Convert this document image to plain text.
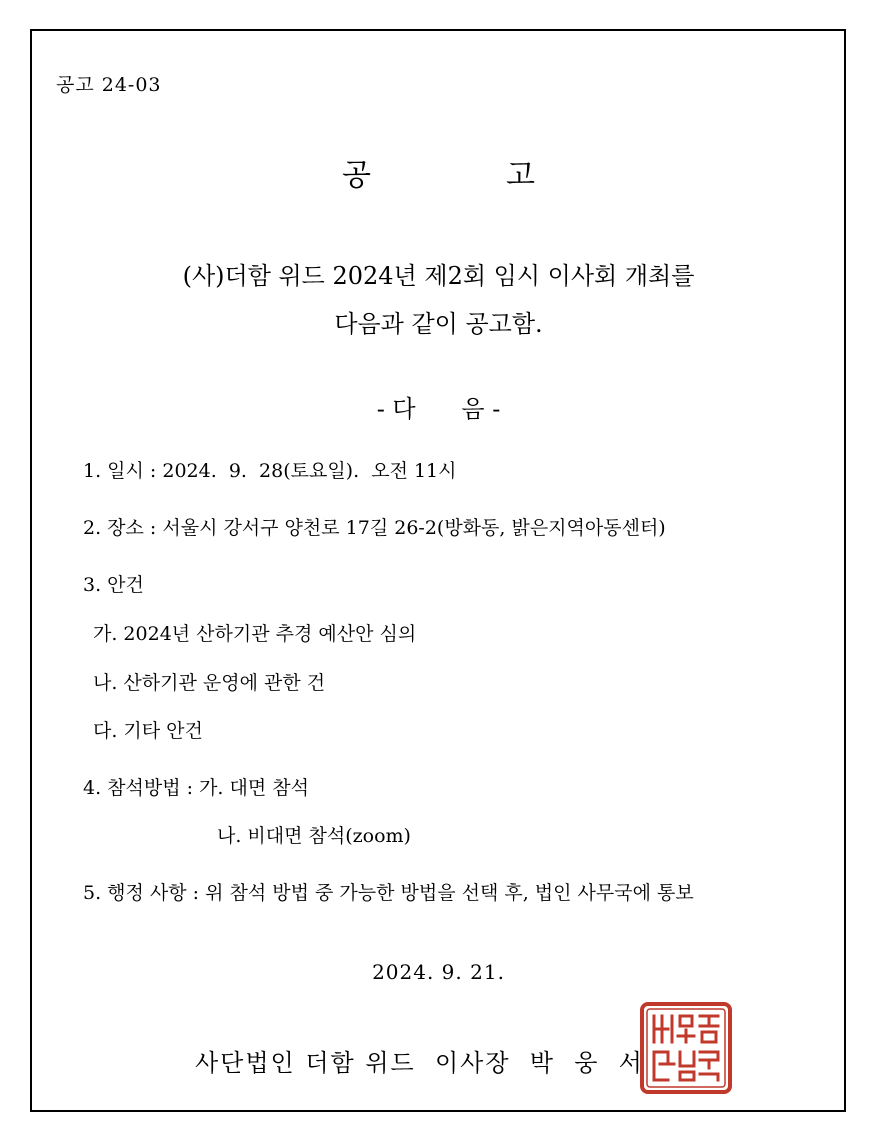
공고 24-03
공	고
(사)더함 위드 2024년 제2회 임시 이사회 개최를
다음과 같이 공고함.
- 다      음 -
1. 일시 : 2024.  9.  28(토요일).  오전 11시
2. 장소 : 서울시 강서구 양천로 17길 26-2(방화동, 밝은지역아동센터)
3. 안건
가. 2024년 산하기관 추경 예산안 심의
나. 산하기관 운영에 관한 건
다. 기타 안건
4. 참석방법 : 가. 대면 참석
나. 비대면 참석(zoom)
5. 행정 사항 : 위 참석 방법 중 가능한 방법을 선택 후, 법인 사무국에 통보
2024. 9. 21.
사단법인 더함 위드  이사장  박  웅  서
